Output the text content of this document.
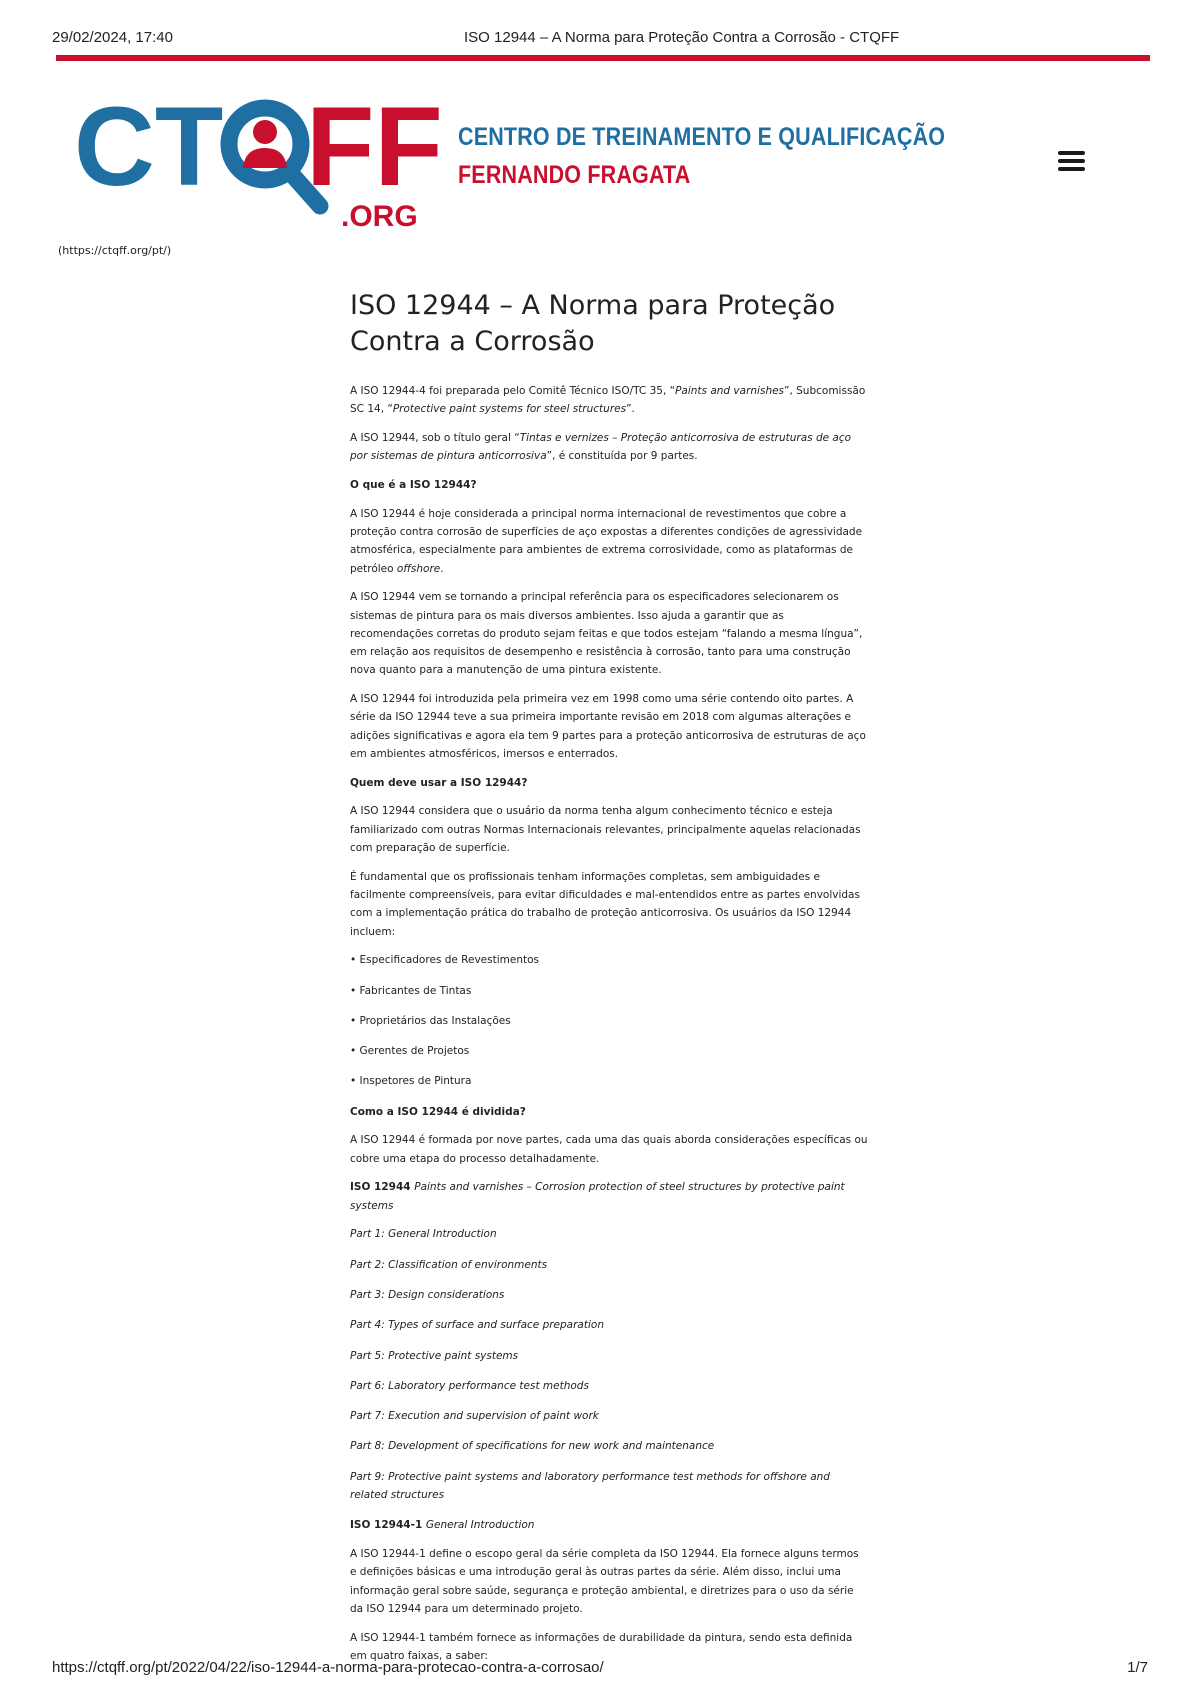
29/02/2024, 17:40	ISO 12944 – A Norma para Proteção Contra a Corrosão - CTQFF
CT FF
.ORG
CENTRO DE TREINAMENTO E QUALIFICAÇÃO
FERNANDO FRAGATA
(https://ctqff.org/pt/)
ISO 12944 – A Norma para Proteção Contra a Corrosão

A ISO 12944-4 foi preparada pelo Comitê Técnico ISO/TC 35, “Paints and varnishes”, Subcomissão SC 14, “Protective paint systems for steel structures”.

A ISO 12944, sob o título geral “Tintas e vernizes – Proteção anticorrosiva de estruturas de aço por sistemas de pintura anticorrosiva”, é constituída por 9 partes.

O que é a ISO 12944?

A ISO 12944 é hoje considerada a principal norma internacional de revestimentos que cobre a proteção contra corrosão de superfícies de aço expostas a diferentes condições de agressividade atmosférica, especialmente para ambientes de extrema corrosividade, como as plataformas de petróleo offshore.

A ISO 12944 vem se tornando a principal referência para os especificadores selecionarem os sistemas de pintura para os mais diversos ambientes. Isso ajuda a garantir que as recomendações corretas do produto sejam feitas e que todos estejam “falando a mesma língua”, em relação aos requisitos de desempenho e resistência à corrosão, tanto para uma construção nova quanto para a manutenção de uma pintura existente.

A ISO 12944 foi introduzida pela primeira vez em 1998 como uma série contendo oito partes. A série da ISO 12944 teve a sua primeira importante revisão em 2018 com algumas alterações e adições significativas e agora ela tem 9 partes para a proteção anticorrosiva de estruturas de aço em ambientes atmosféricos, imersos e enterrados.

Quem deve usar a ISO 12944?

A ISO 12944 considera que o usuário da norma tenha algum conhecimento técnico e esteja familiarizado com outras Normas Internacionais relevantes, principalmente aquelas relacionadas com preparação de superfície.

É fundamental que os profissionais tenham informações completas, sem ambiguidades e facilmente compreensíveis, para evitar dificuldades e mal-entendidos entre as partes envolvidas com a implementação prática do trabalho de proteção anticorrosiva. Os usuários da ISO 12944 incluem:

• Especificadores de Revestimentos

• Fabricantes de Tintas

• Proprietários das Instalações

• Gerentes de Projetos

• Inspetores de Pintura

Como a ISO 12944 é dividida?

A ISO 12944 é formada por nove partes, cada uma das quais aborda considerações específicas ou cobre uma etapa do processo detalhadamente.

ISO 12944 Paints and varnishes – Corrosion protection of steel structures by protective paint systems

Part 1: General Introduction

Part 2: Classification of environments

Part 3: Design considerations

Part 4: Types of surface and surface preparation

Part 5: Protective paint systems

Part 6: Laboratory performance test methods

Part 7: Execution and supervision of paint work

Part 8: Development of specifications for new work and maintenance

Part 9: Protective paint systems and laboratory performance test methods for offshore and related structures

ISO 12944-1 General Introduction

A ISO 12944-1 define o escopo geral da série completa da ISO 12944. Ela fornece alguns termos e definições básicas e uma introdução geral às outras partes da série. Além disso, inclui uma informação geral sobre saúde, segurança e proteção ambiental, e diretrizes para o uso da série da ISO 12944 para um determinado projeto.

A ISO 12944-1 também fornece as informações de durabilidade da pintura, sendo esta definida em quatro faixas, a saber:

https://ctqff.org/pt/2022/04/22/iso-12944-a-norma-para-protecao-contra-a-corrosao/	1/7
